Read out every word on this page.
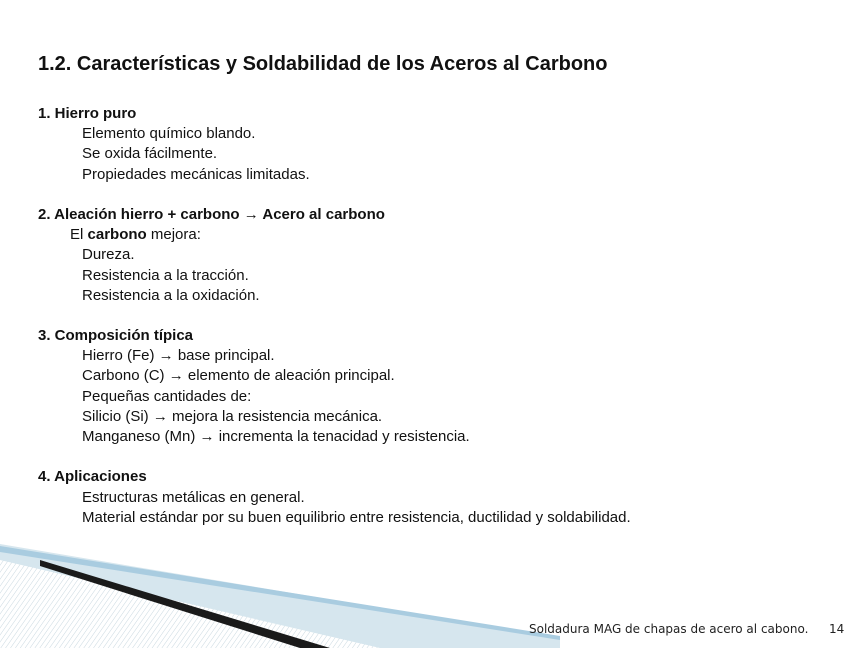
1.2. Características y Soldabilidad de los Aceros al Carbono
1. Hierro puro
Elemento químico blando.
Se oxida fácilmente.
Propiedades mecánicas limitadas.
2. Aleación hierro + carbono → Acero al carbono
El carbono mejora:
Dureza.
Resistencia a la tracción.
Resistencia a la oxidación.
3. Composición típica
Hierro (Fe) → base principal.
Carbono (C) → elemento de aleación principal.
Pequeñas cantidades de:
Silicio (Si) → mejora la resistencia mecánica.
Manganeso (Mn) → incrementa la tenacidad y resistencia.
4. Aplicaciones
Estructuras metálicas en general.
Material estándar por su buen equilibrio entre resistencia, ductilidad y soldabilidad.
Soldadura MAG de chapas de acero al cabono. 14
